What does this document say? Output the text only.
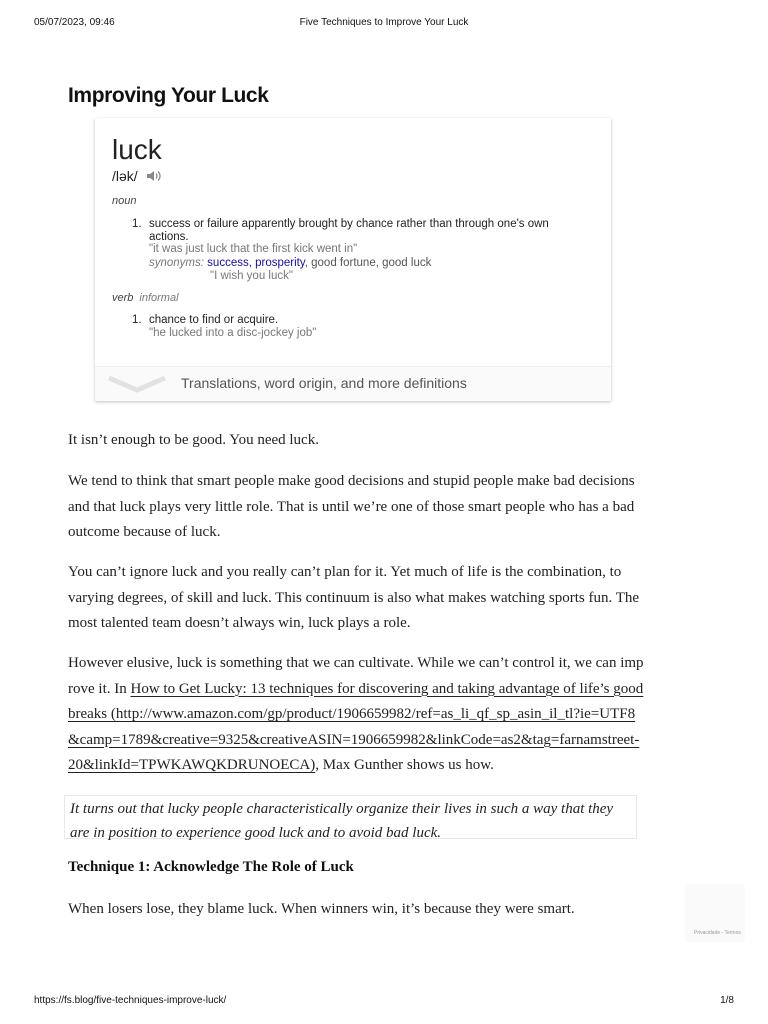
05/07/2023, 09:46	Five Techniques to Improve Your Luck
Improving Your Luck
luck
/lək/
noun
1. success or failure apparently brought by chance rather than through one's own actions.
"it was just luck that the first kick went in"
synonyms: success, prosperity, good fortune, good luck
"I wish you luck"
verb informal
1. chance to find or acquire.
"he lucked into a disc-jockey job"
Translations, word origin, and more definitions

It isn’t enough to be good. You need luck.

We tend to think that smart people make good decisions and stupid people make bad decisions and that luck plays very little role. That is until we’re one of those smart people who has a bad outcome because of luck.

You can’t ignore luck and you really can’t plan for it. Yet much of life is the combination, to varying degrees, of skill and luck. This continuum is also what makes watching sports fun. The most talented team doesn’t always win, luck plays a role.

However elusive, luck is something that we can cultivate. While we can’t control it, we can improve it. In How to Get Lucky: 13 techniques for discovering and taking advantage of life’s good breaks (http://www.amazon.com/gp/product/1906659982/ref=as_li_qf_sp_asin_il_tl?ie=UTF8&camp=1789&creative=9325&creativeASIN=1906659982&linkCode=as2&tag=farnamstreet-20&linkId=TPWKAWQKDRUNOECA), Max Gunther shows us how.

It turns out that lucky people characteristically organize their lives in such a way that they are in position to experience good luck and to avoid bad luck.
Technique 1: Acknowledge The Role of Luck

When losers lose, they blame luck. When winners win, it’s because they were smart.

Privacidade - Termos
https://fs.blog/five-techniques-improve-luck/	1/8
